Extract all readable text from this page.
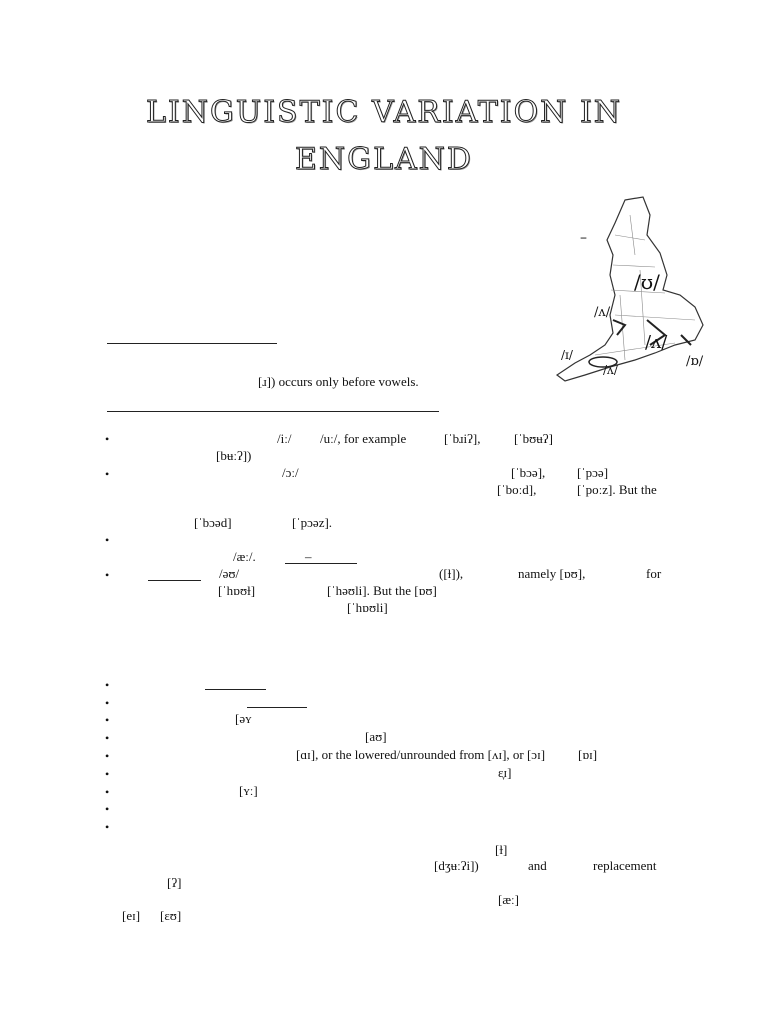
LINGUISTIC VARIATION IN
ENGLAND
–
/ʊ/
/ʌ/
/ʌ/
/ɪ/
/ʌ/
/ɒ/
[ɹ]) occurs only before vowels.
•	/iː/ /uː/, for example	[ˈbɹiʔ],	[ˈbʊʉʔ]
[bʉːʔ])
•	/ɔː/	[ˈbɔə], [ˈpɔə]
[ˈboːd],	[ˈpoːz]. But the
[ˈbɔəd]	[ˈpɔəz].
•
/æː/.	–
•	/əʊ/	([ɫ]),	namely [ɒʊ],	for
[ˈhɒʊɫ]	[ˈhəʊli]. But the [ɒʊ]
[ˈhɒʊli]
•
•
•	[əʏ
•	[aʊ]
•	[ɑɪ], or the lowered/unrounded from [ʌɪ], or [ɔɪ]	[ɒɪ]
•	ɛ̞ɪ]
•	[ʏː]
•
•
[ɫ]
[dʒʉːʔi])	and	replacement
[ʔ]
[æː]
[eɪ] [ɛʊ]
